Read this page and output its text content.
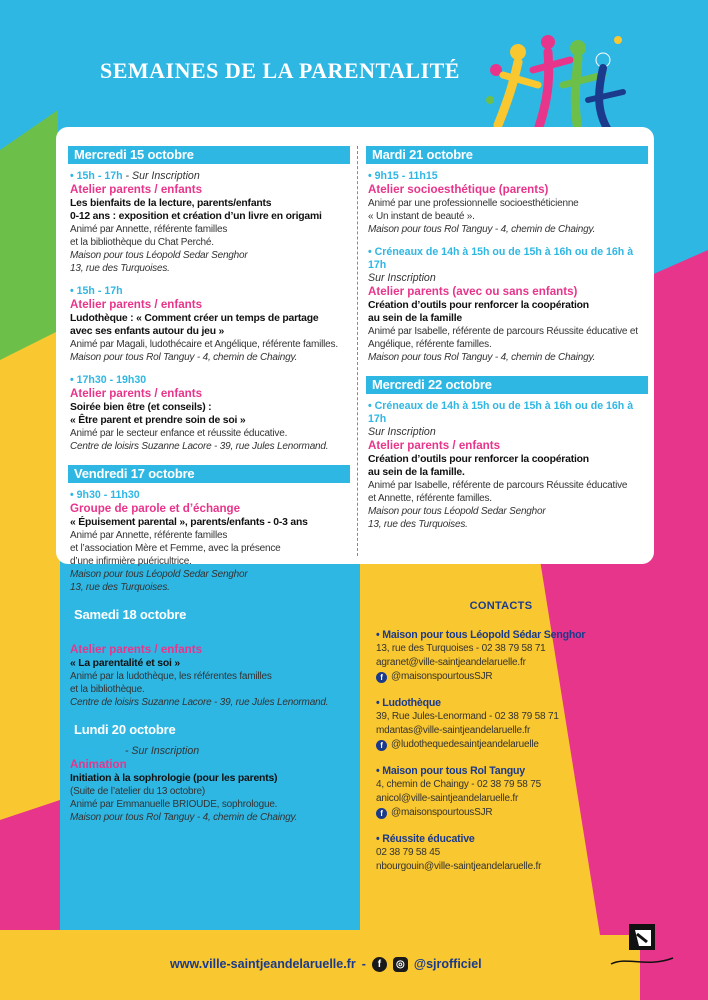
SEMAINES DE LA PARENTALITÉ
Mercredi 15 octobre
• 15h - 17h - Sur Inscription
Atelier parents / enfants
Les bienfaits de la lecture, parents/enfants
0-12 ans : exposition et création d’un livre en origami
Animé par Annette, référente familles
et la bibliothèque du Chat Perché.
Maison pour tous Léopold Sedar Senghor
13, rue des Turquoises.
• 15h - 17h
Atelier parents / enfants
Ludothèque : « Comment créer un temps de partage
avec ses enfants autour du jeu »
Animé par Magali, ludothécaire et Angélique, référente familles.
Maison pour tous Rol Tanguy - 4, chemin de Chaingy.
• 17h30 - 19h30
Atelier parents / enfants
Soirée bien être (et conseils) :
« Être parent et prendre soin de soi »
Animé par le secteur enfance et réussite éducative.
Centre de loisirs Suzanne Lacore - 39, rue Jules Lenormand.
Vendredi 17 octobre
• 9h30 - 11h30
Groupe de parole et d’échange
« Épuisement parental », parents/enfants - 0-3 ans
Animé par Annette, référente familles
et l’association Mère et Femme, avec la présence
d’une infirmière puéricultrice.
Maison pour tous Léopold Sedar Senghor
13, rue des Turquoises.
Samedi 18 octobre
• 10h - 12h
Atelier parents / enfants
« La parentalité et soi »
Animé par la ludothèque, les référentes familles
et la bibliothèque.
Centre de loisirs Suzanne Lacore - 39, rue Jules Lenormand.
Lundi 20 octobre
• 10h - 11h - Sur Inscription
Animation
Initiation à la sophrologie (pour les parents)
(Suite de l’atelier du 13 octobre)
Animé par Emmanuelle BRIOUDE, sophrologue.
Maison pour tous Rol Tanguy - 4, chemin de Chaingy.
Mardi 21 octobre
• 9h15 - 11h15
Atelier socioesthétique (parents)
Animé par une professionnelle socioesthéticienne
« Un instant de beauté ».
Maison pour tous Rol Tanguy - 4, chemin de Chaingy.
• Créneaux de 14h à 15h ou de 15h à 16h ou de 16h à 17h
Sur Inscription
Atelier parents (avec ou sans enfants)
Création d’outils pour renforcer la coopération
au sein de la famille
Animé par Isabelle, référente de parcours Réussite éducative et
Angélique, référente familles.
Maison pour tous Rol Tanguy - 4, chemin de Chaingy.
Mercredi 22 octobre
• Créneaux de 14h à 15h ou de 15h à 16h ou de 16h à 17h
Sur Inscription
Atelier parents / enfants
Création d’outils pour renforcer la coopération
au sein de la famille.
Animé par Isabelle, référente de parcours Réussite éducative
et Annette, référente familles.
Maison pour tous Léopold Sedar Senghor
13, rue des Turquoises.
CONTACTS
• Maison pour tous Léopold Sédar Senghor
13, rue des Turquoises - 02 38 79 58 71
agranet@ville-saintjeandelaruelle.fr
f @maisonspourtousSJR
• Ludothèque
39, Rue Jules-Lenormand - 02 38 79 58 71
mdantas@ville-saintjeandelaruelle.fr
f @ludothequedesaintjeandelaruelle
• Maison pour tous Rol Tanguy
4, chemin de Chaingy - 02 38 79 58 75
anicol@ville-saintjeandelaruelle.fr
f @maisonspourtousSJR
• Réussite éducative
02 38 79 58 45
nbourgouin@ville-saintjeandelaruelle.fr
www.ville-saintjeandelaruelle.fr -	f	◎ @sjrofficiel
